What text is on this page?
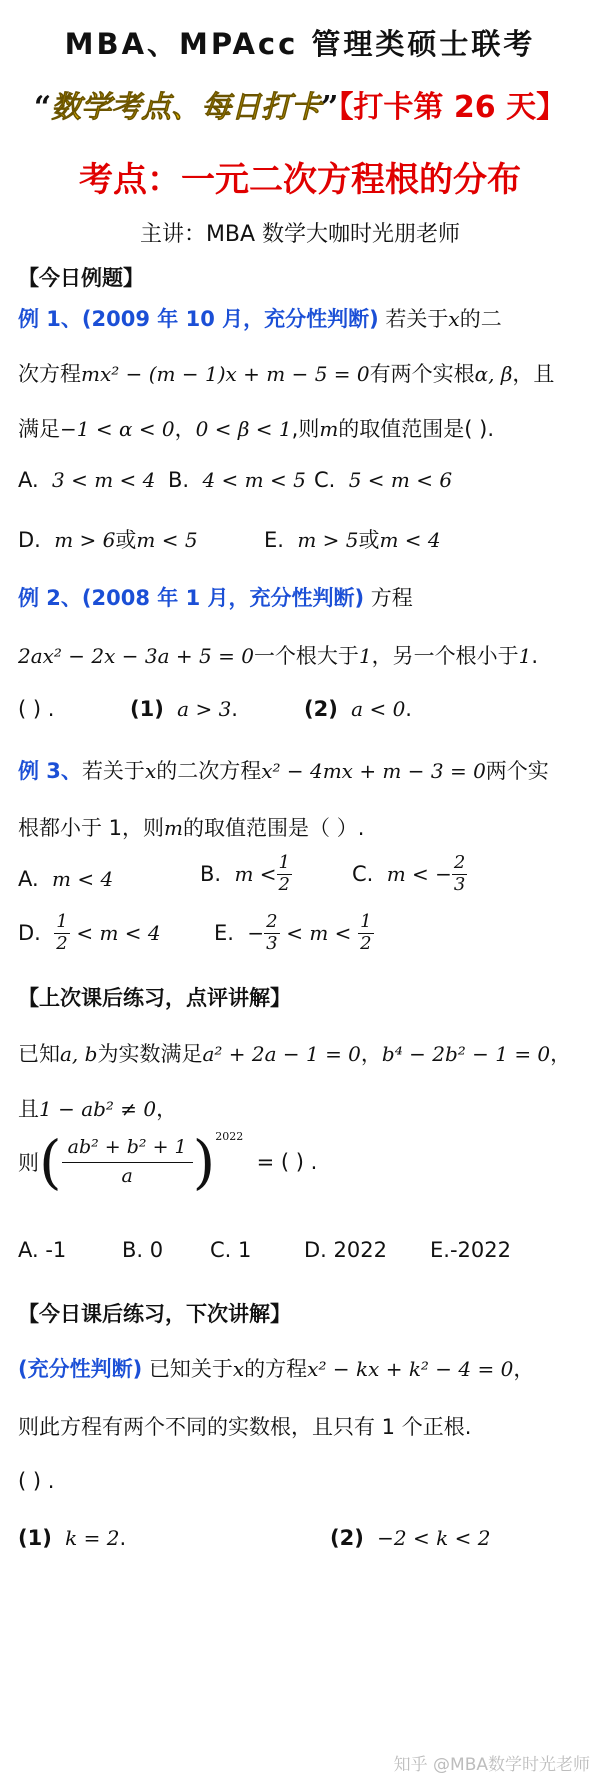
MBA、MPAcc 管理类硕士联考
“数学考点、每日打卡”【打卡第 26 天】
考点：一元二次方程根的分布
主讲：MBA 数学大咖时光朋老师
【今日例题】
例 1、(2009 年 10 月，充分性判断) 若关于x的二
次方程mx² − (m − 1)x + m − 5 = 0有两个实根α, β，且
满足−1 < α < 0，0 < β < 1,则m的取值范围是( ).
A. 3 < m < 4 B. 4 < m < 5 C. 5 < m < 6
D. m > 6或m < 5	E. m > 5或m < 4
例 2、(2008 年 1 月，充分性判断) 方程
2ax² − 2x − 3a + 5 = 0一个根大于1，另一个根小于1.
( ) .	(1) a > 3.	(2) a < 0.
例 3、若关于x的二次方程x² − 4mx + m − 3 = 0两个实
根都小于 1，则m的取值范围是（ ）.
A. m < 4	B. $m < \frac{1}{2}$	C. m < − $\frac{2}{3}$
D. $\frac{1}{2} < m < 4$	E. − $\frac{2}{3} < m < \frac{1}{2}$
【上次课后练习，点评讲解】
已知a, b为实数满足a² + 2a − 1 = 0，b⁴ − 2b² − 1 = 0，
且1 − ab² ≠ 0，
则( $\frac{\text{ab² + b² + 1}}{a} )^{2022}$  = ( ) .
A. -1	B. 0 C. 1	D. 2022 E.-2022
【今日课后练习，下次讲解】
(充分性判断) 已知关于x的方程x² − kx + k² − 4 = 0，
则此方程有两个不同的实数根，且只有 1 个正根.
( ) .
(1) k = 2.	(2) −2 < k < 2
知乎 @MBA数学时光老师
